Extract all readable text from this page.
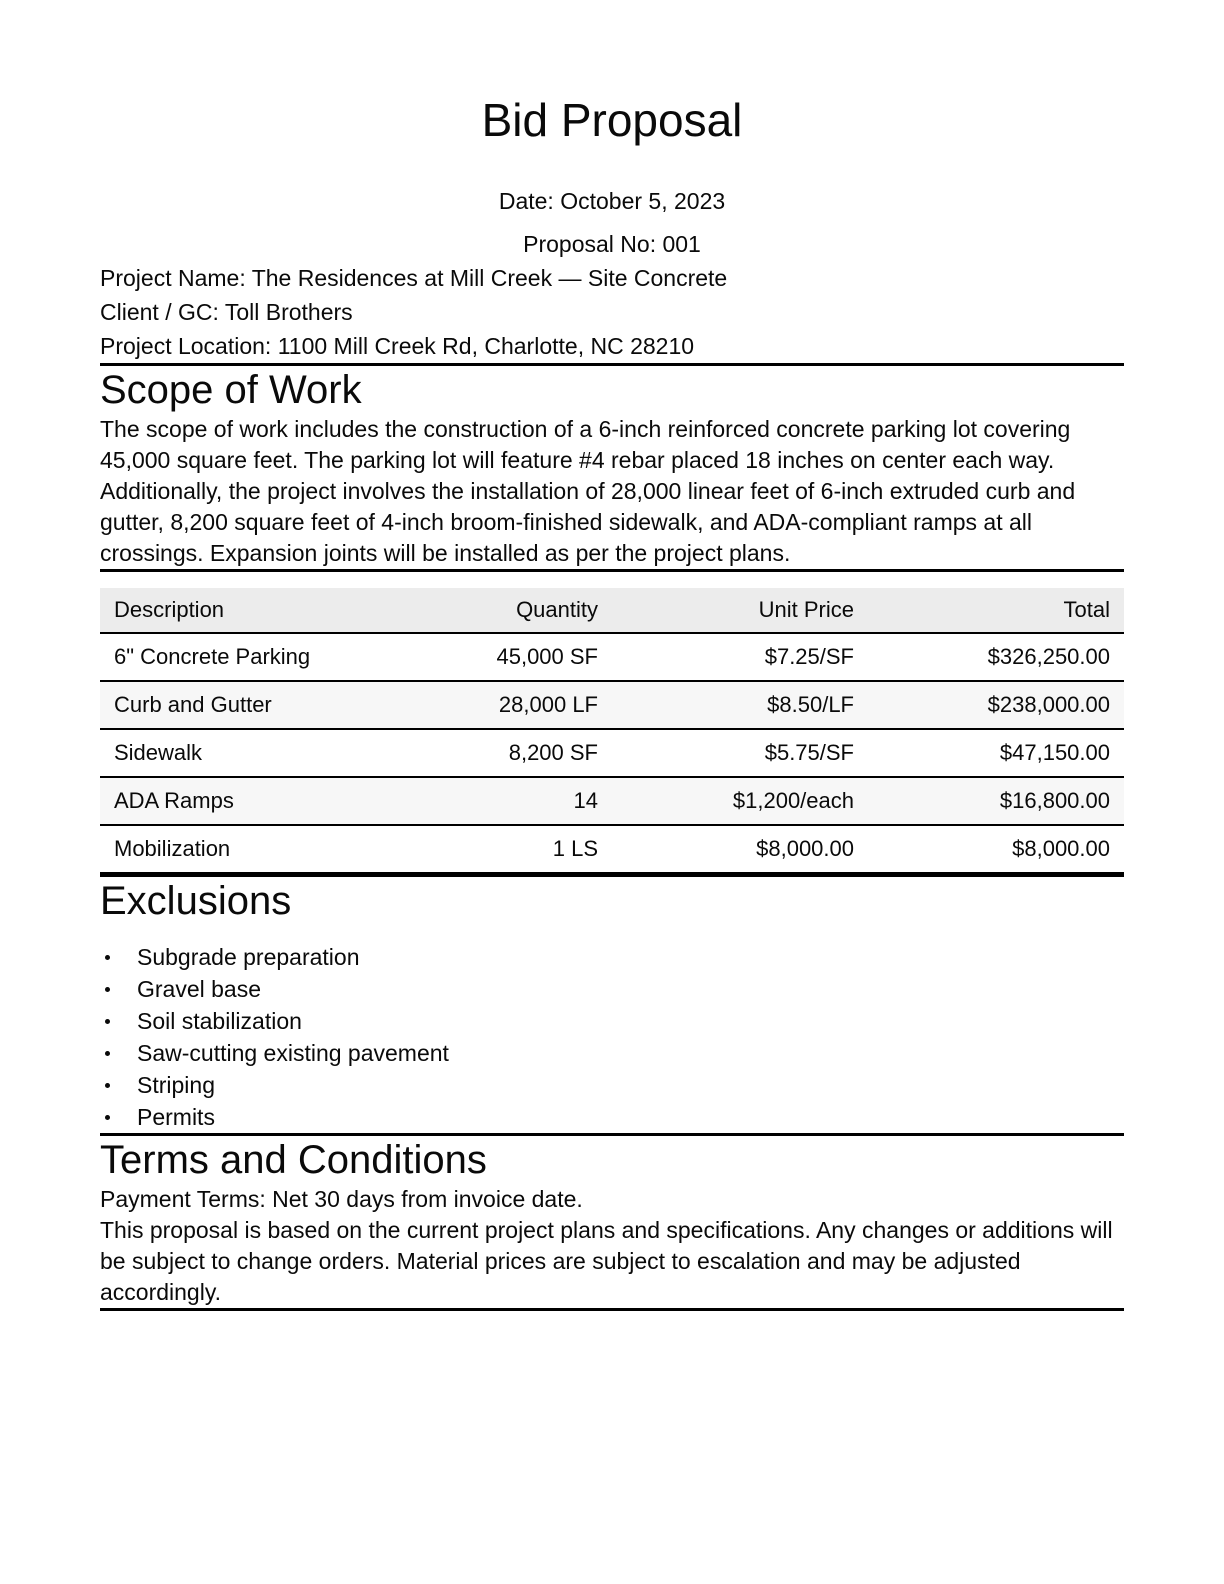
Bid Proposal

Date: October 5, 2023

Proposal No: 001

Project Name: The Residences at Mill Creek — Site Concrete

Client / GC: Toll Brothers

Project Location: 1100 Mill Creek Rd, Charlotte, NC 28210

Scope of Work

The scope of work includes the construction of a 6-inch reinforced concrete parking lot covering 45,000 square feet. The parking lot will feature #4 rebar placed 18 inches on center each way. Additionally, the project involves the installation of 28,000 linear feet of 6-inch extruded curb and gutter, 8,200 square feet of 4-inch broom-finished sidewalk, and ADA-compliant ramps at all crossings. Expansion joints will be installed as per the project plans.

Description	Quantity	Unit Price	Total
6" Concrete Parking	45,000 SF	$7.25/SF	$326,250.00
Curb and Gutter	28,000 LF	$8.50/LF	$238,000.00
Sidewalk	8,200 SF	$5.75/SF	$47,150.00
ADA Ramps	14	$1,200/each	$16,800.00
Mobilization	1 LS	$8,000.00	$8,000.00
Exclusions
Subgrade preparation
Gravel base
Soil stabilization
Saw-cutting existing pavement
Striping
Permits
Terms and Conditions

Payment Terms: Net 30 days from invoice date.

This proposal is based on the current project plans and specifications. Any changes or additions will be subject to change orders. Material prices are subject to escalation and may be adjusted accordingly.
